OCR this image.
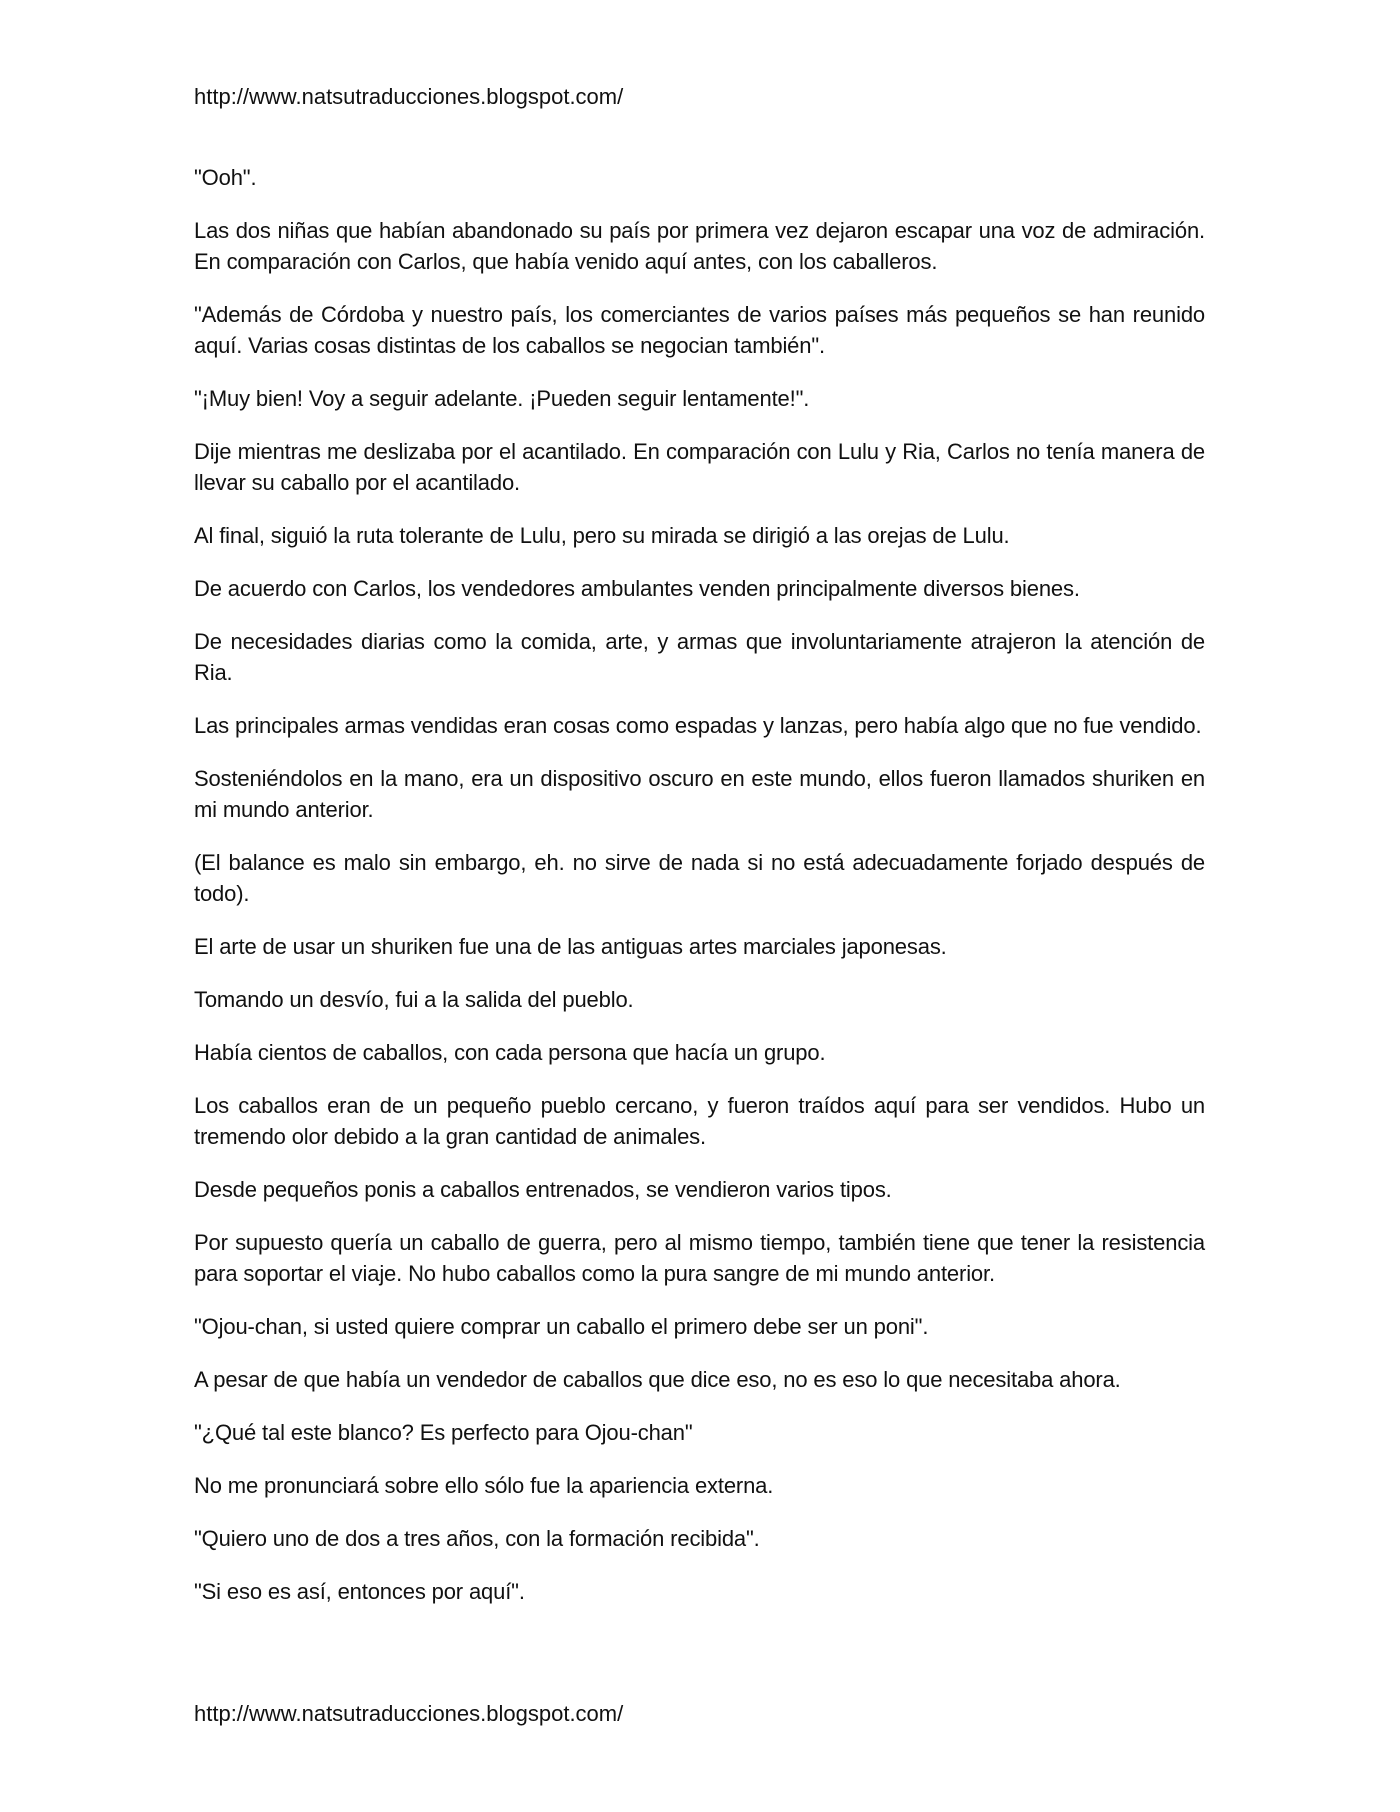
http://www.natsutraducciones.blogspot.com/

"Ooh".

Las dos niñas que habían abandonado su país por primera vez dejaron escapar una voz de admiración. En comparación con Carlos, que había venido aquí antes, con los caballeros.

"Además de Córdoba y nuestro país, los comerciantes de varios países más pequeños se han reunido aquí. Varias cosas distintas de los caballos se negocian también".

"¡Muy bien! Voy a seguir adelante. ¡Pueden seguir lentamente!".

Dije mientras me deslizaba por el acantilado. En comparación con Lulu y Ria, Carlos no tenía manera de llevar su caballo por el acantilado.

Al final, siguió la ruta tolerante de Lulu, pero su mirada se dirigió a las orejas de Lulu.

De acuerdo con Carlos, los vendedores ambulantes venden principalmente diversos bienes.

De necesidades diarias como la comida, arte, y armas que involuntariamente atrajeron la atención de Ria.

Las principales armas vendidas eran cosas como espadas y lanzas, pero había algo que no fue vendido.

Sosteniéndolos en la mano, era un dispositivo oscuro en este mundo, ellos fueron llamados shuriken en mi mundo anterior.

(El balance es malo sin embargo, eh. no sirve de nada si no está adecuadamente forjado después de todo).

El arte de usar un shuriken fue una de las antiguas artes marciales japonesas.

Tomando un desvío, fui a la salida del pueblo.

Había cientos de caballos, con cada persona que hacía un grupo.

Los caballos eran de un pequeño pueblo cercano, y fueron traídos aquí para ser vendidos. Hubo un tremendo olor debido a la gran cantidad de animales.

Desde pequeños ponis a caballos entrenados, se vendieron varios tipos.

Por supuesto quería un caballo de guerra, pero al mismo tiempo, también tiene que tener la resistencia para soportar el viaje. No hubo caballos como la pura sangre de mi mundo anterior.

"Ojou-chan, si usted quiere comprar un caballo el primero debe ser un poni".

A pesar de que había un vendedor de caballos que dice eso, no es eso lo que necesitaba ahora.

"¿Qué tal este blanco? Es perfecto para Ojou-chan"

No me pronunciará sobre ello sólo fue la apariencia externa.

"Quiero uno de dos a tres años, con la formación recibida".

"Si eso es así, entonces por aquí".

http://www.natsutraducciones.blogspot.com/
